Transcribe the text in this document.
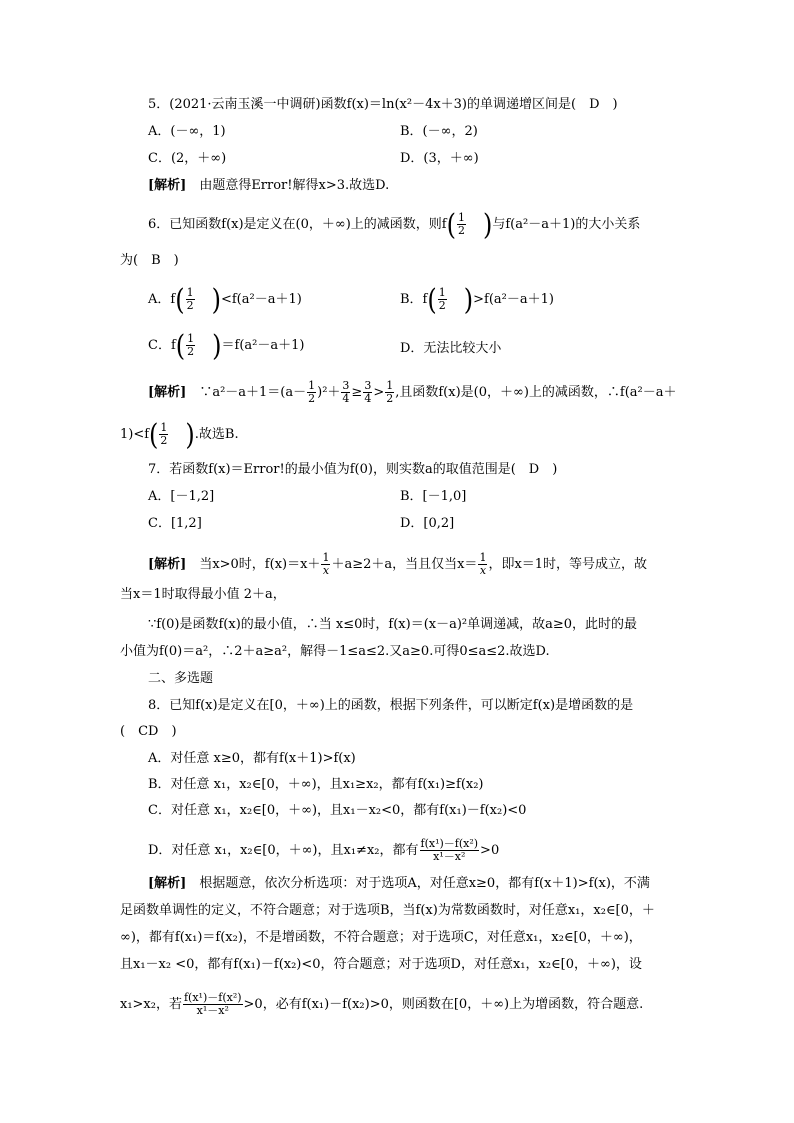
5．(2021·云南玉溪一中调研)函数f(x)＝ln(x²－4x＋3)的单调递增区间是(　D　)
A．(－∞，1)	B．(－∞，2)
C．(2，＋∞)	D．(3，＋∞)
[解析]　由题意得Error!解得x>3.故选D.
6．已知函数f(x)是定义在(0，＋∞)上的减函数，则$f( \frac{1}{2}$ )与f(a²－a＋1)的大小关系
为(　B　)
A．$f( \frac{1}{2} )<f(a^2-a+1)$	B．$f( \frac{1}{2} )>f(a^2-a+1)$
C．$f( \frac{1}{2} )=f(a^2-a+1)$	D．无法比较大小
[解析]　∵a²－a＋1＝(a－ $\frac{1}{2} )^2+ \frac{3}{4} \ge \frac{3}{4} > \frac{1}{2}$ ,且函数f(x)是(0，＋∞)上的减函数，∴f(a²－a＋
$1)<f( \frac{1}{2}$ ).故选B.
7．若函数f(x)＝Error!的最小值为f(0)，则实数a的取值范围是(　D　)
A．[－1,2]	B．[－1,0]
C．[1,2]	D．[0,2]
[解析]　当x>0时，$f(x)=x+ \frac{1}{x} +a\ge 2+a$，当且仅当$x= \frac{1}{x}$ ，即x＝1时，等号成立，故
当x＝1时取得最小值 2＋a，
∵f(0)是函数f(x)的最小值，∴当 x≤0时，f(x)＝(x－a)²单调递减，故a≥0，此时的最
小值为f(0)＝a²，∴2＋a≥a²，解得－1≤a≤2.又a≥0.可得0≤a≤2.故选D.
二、多选题
8．已知f(x)是定义在[0，＋∞)上的函数，根据下列条件，可以断定f(x)是增函数的是
(　CD　)
A．对任意 x≥0，都有f(x＋1)>f(x)
B．对任意 x₁，x₂∈[0，＋∞)，且x₁≥x₂，都有f(x₁)≥f(x₂)
C．对任意 x₁，x₂∈[0，＋∞)，且x₁－x₂<0，都有f(x₁)－f(x₂)<0
D．对任意 x₁，x₂∈[0，＋∞)，且x₁≠x₂，都有 $\frac{\text{f(x¹)－f(x²)}}{\text{x¹－x²}} >0$
[解析]　根据题意，依次分析选项：对于选项A，对任意x≥0，都有f(x＋1)>f(x)，不满
足函数单调性的定义，不符合题意；对于选项B，当f(x)为常数函数时，对任意x₁，x₂∈[0，＋
∞)，都有f(x₁)＝f(x₂)，不是增函数，不符合题意；对于选项C，对任意x₁，x₂∈[0，＋∞)，
且x₁－x₂ <0，都有f(x₁)－f(x₂)<0，符合题意；对于选项D，对任意x₁，x₂∈[0，＋∞)，设
x₁>x₂，若 $\frac{\text{f(x¹)－f(x²)}}{\text{x¹－x²}} >0$，必有f(x₁)－f(x₂)>0，则函数在[0，＋∞)上为增函数，符合题意.
